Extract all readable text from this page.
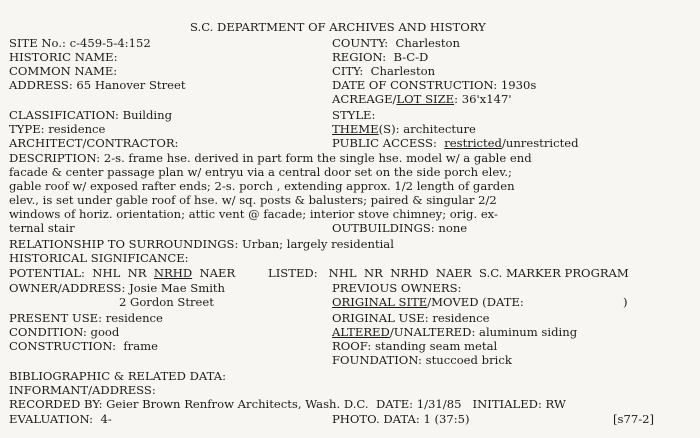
S.C. DEPARTMENT OF ARCHIVES AND HISTORY
SITE No.: c-459-5-4:152	COUNTY:  Charleston
HISTORIC NAME:	REGION:  B-C-D
COMMON NAME:	CITY:  Charleston
ADDRESS: 65 Hanover Street	DATE OF CONSTRUCTION: 1930s
ACREAGE/LOT SIZE: 36'x147'
CLASSIFICATION: Building	STYLE:
TYPE: residence	THEME(S): architecture
ARCHITECT/CONTRACTOR:	PUBLIC ACCESS:  restricted/unrestricted
DESCRIPTION: 2-s. frame hse. derived in part form the single hse. model w/ a gable end
facade & center passage plan w/ entryu via a central door set on the side porch elev.;
gable roof w/ exposed rafter ends; 2-s. porch , extending approx. 1/2 length of garden
elev., is set under gable roof of hse. w/ sq. posts & balusters; paired & singular 2/2
windows of horiz. orientation; attic vent @ facade; interior stove chimney; orig. ex-
ternal stair	OUTBUILDINGS: none
RELATIONSHIP TO SURROUNDINGS: Urban; largely residential
HISTORICAL SIGNIFICANCE:
POTENTIAL:  NHL  NR  NRHD  NAER	LISTED:   NHL  NR  NRHD  NAER  S.C. MARKER PROGRAM
OWNER/ADDRESS: Josie Mae Smith	PREVIOUS OWNERS:
2 Gordon Street	ORIGINAL SITE/MOVED (DATE:	)
PRESENT USE: residence	ORIGINAL USE: residence
CONDITION: good	ALTERED/UNALTERED: aluminum siding
CONSTRUCTION:  frame	ROOF: standing seam metal
FOUNDATION: stuccoed brick
BIBLIOGRAPHIC & RELATED DATA:
INFORMANT/ADDRESS:
RECORDED BY: Geier Brown Renfrow Architects, Wash. D.C.  DATE: 1/31/85   INITIALED: RW
EVALUATION:  4-	PHOTO. DATA: 1 (37:5)	[s77-2]
